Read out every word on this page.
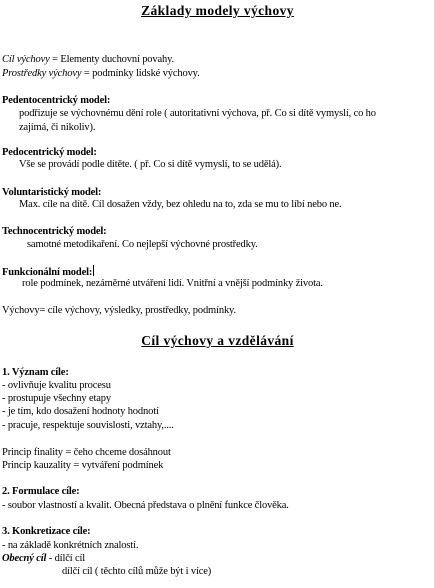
Základy modely výchovy
Cíl výchovy = Elementy duchovní povahy.
Prostředky výchovy = podmínky lidské výchovy.
Pedentocentrický model:
podřizuje se výchovnému dění role ( autoritativní výchova, př. Co si dítě vymyslí, co ho
zajímá, či nikoliv).
Pedocentrický model:
Vše se provádí podle dítěte. ( př. Co si dítě vymyslí, to se udělá).
Voluntaristický model:
Max. cíle na dítě. Cíl dosažen vždy, bez ohledu na to, zda se mu to líbí nebo ne.
Technocentrický model:
samotné metodikaření. Co nejlepší výchovné prostředky.
Funkcionální model:
role podmínek, nezáměrné utváření lidí. Vnitřní a vnější podmínky života.
Výchovy= cíle výchovy, výsledky, prostředky, podmínky.
Cíl výchovy a vzdělávání
1. Význam cíle:
- ovlivňuje kvalitu procesu
- prostupuje všechny etapy
- je tím, kdo dosažení hodnoty hodnotí
- pracuje, respektuje souvislosti, vztahy,....
Princip finality = čeho chceme dosáhnout
Princip kauzality = vytváření podmínek
2. Formulace cíle:
- soubor vlastností a kvalit. Obecná představa o plnění funkce člověka.
3. Konkretizace cíle:
- na základě konkrétních znalostí.
Obecný cíl - dílčí cíl
dílčí cíl ( těchto cílů může být i více)
